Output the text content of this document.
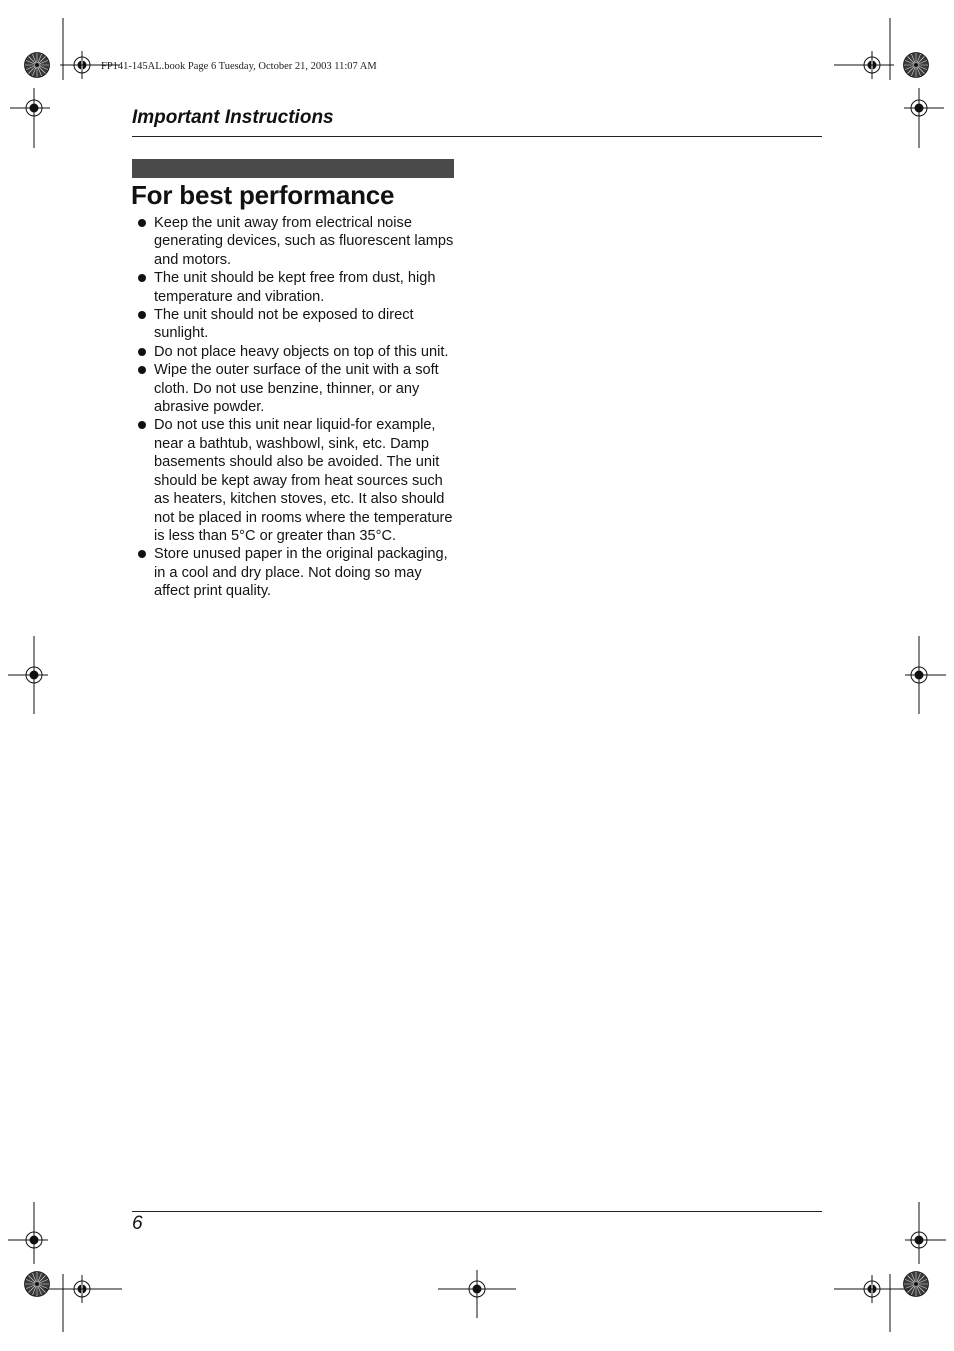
FP141-145AL.book Page 6 Tuesday, October 21, 2003 11:07 AM
Important Instructions
For best performance
Keep the unit away from electrical noise generating devices, such as fluorescent lamps and motors.
The unit should be kept free from dust, high temperature and vibration.
The unit should not be exposed to direct sunlight.
Do not place heavy objects on top of this unit.
Wipe the outer surface of the unit with a soft cloth. Do not use benzine, thinner, or any abrasive powder.
Do not use this unit near liquid-for example, near a bathtub, washbowl, sink, etc. Damp basements should also be avoided. The unit should be kept away from heat sources such as heaters, kitchen stoves, etc. It also should not be placed in rooms where the temperature is less than 5°C or greater than 35°C.
Store unused paper in the original packaging, in a cool and dry place. Not doing so may affect print quality.
6
